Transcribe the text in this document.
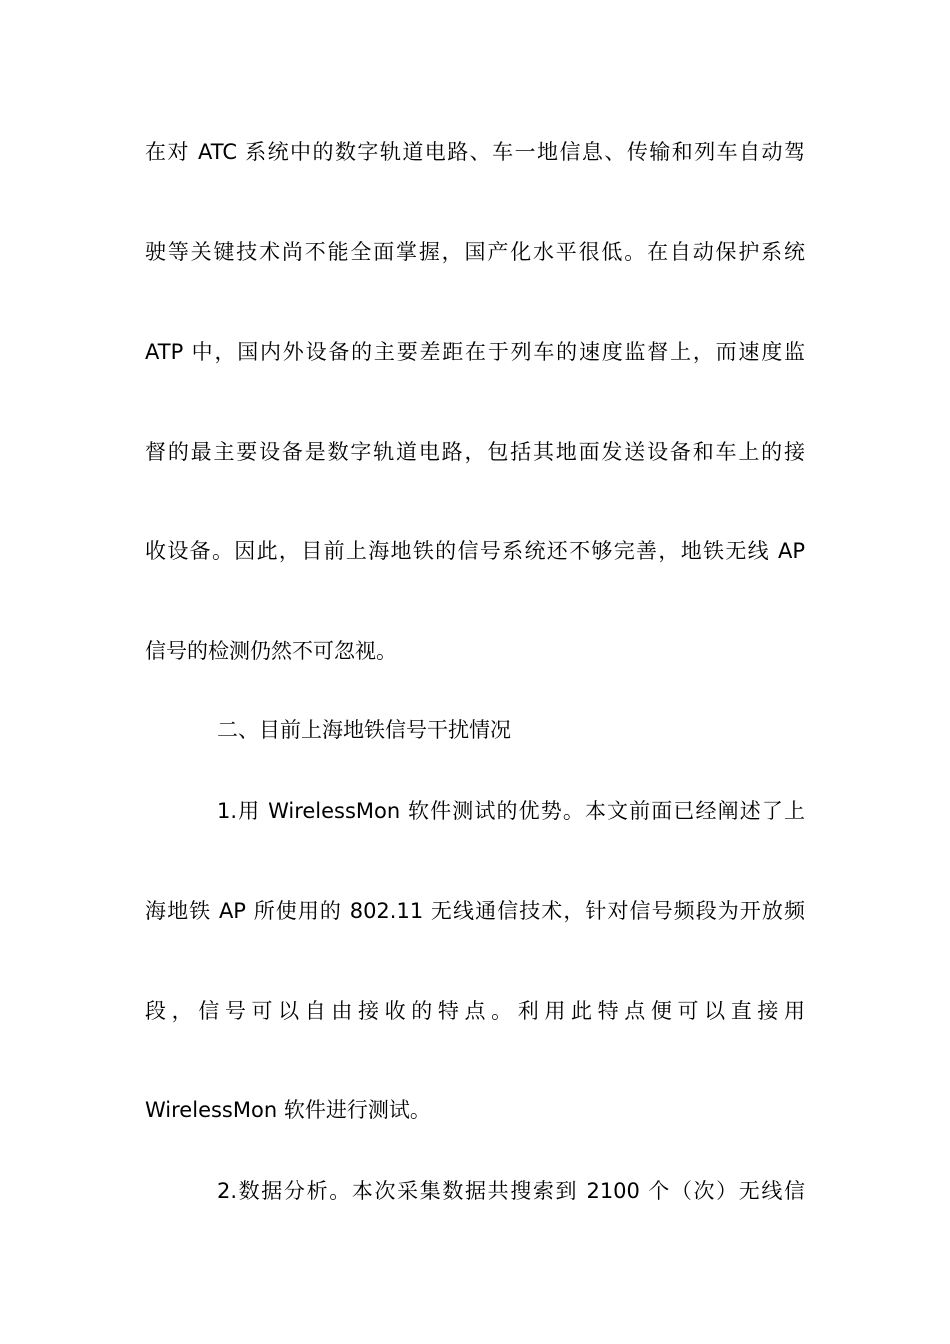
在对 ATC 系统中的数字轨道电路、车一地信息、传输和列车自动驾
驶等关键技术尚不能全面掌握，国产化水平很低。在自动保护系统
ATP 中，国内外设备的主要差距在于列车的速度监督上，而速度监
督的最主要设备是数字轨道电路，包括其地面发送设备和车上的接
收设备。因此，目前上海地铁的信号系统还不够完善，地铁无线 AP
信号的检测仍然不可忽视。
二、目前上海地铁信号干扰情况
1.用 WirelessMon 软件测试的优势。本文前面已经阐述了上
海地铁 AP 所使用的 802.11 无线通信技术，针对信号频段为开放频
段，信号可以自由接收的特点。利用此特点便可以直接用
WirelessMon 软件进行测试。
2.数据分析。本次采集数据共搜索到 2100 个（次）无线信
